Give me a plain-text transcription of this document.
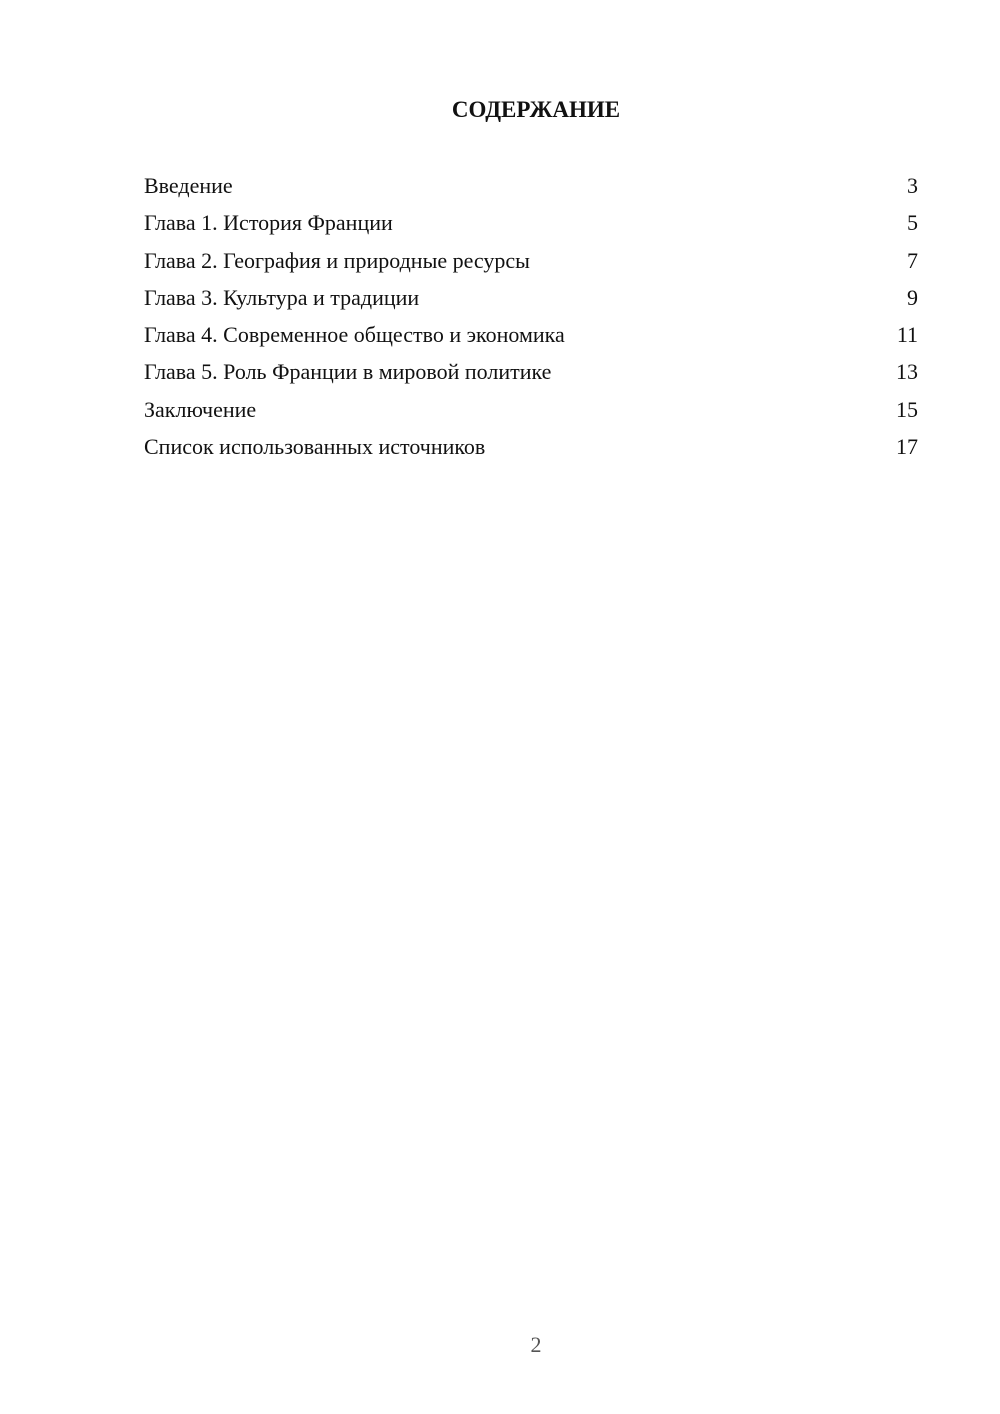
СОДЕРЖАНИЕ
Введение	3
Глава 1. История Франции	5
Глава 2. География и природные ресурсы	7
Глава 3. Культура и традиции	9
Глава 4. Современное общество и экономика	11
Глава 5. Роль Франции в мировой политике	13
Заключение	15
Список использованных источников	17
2
